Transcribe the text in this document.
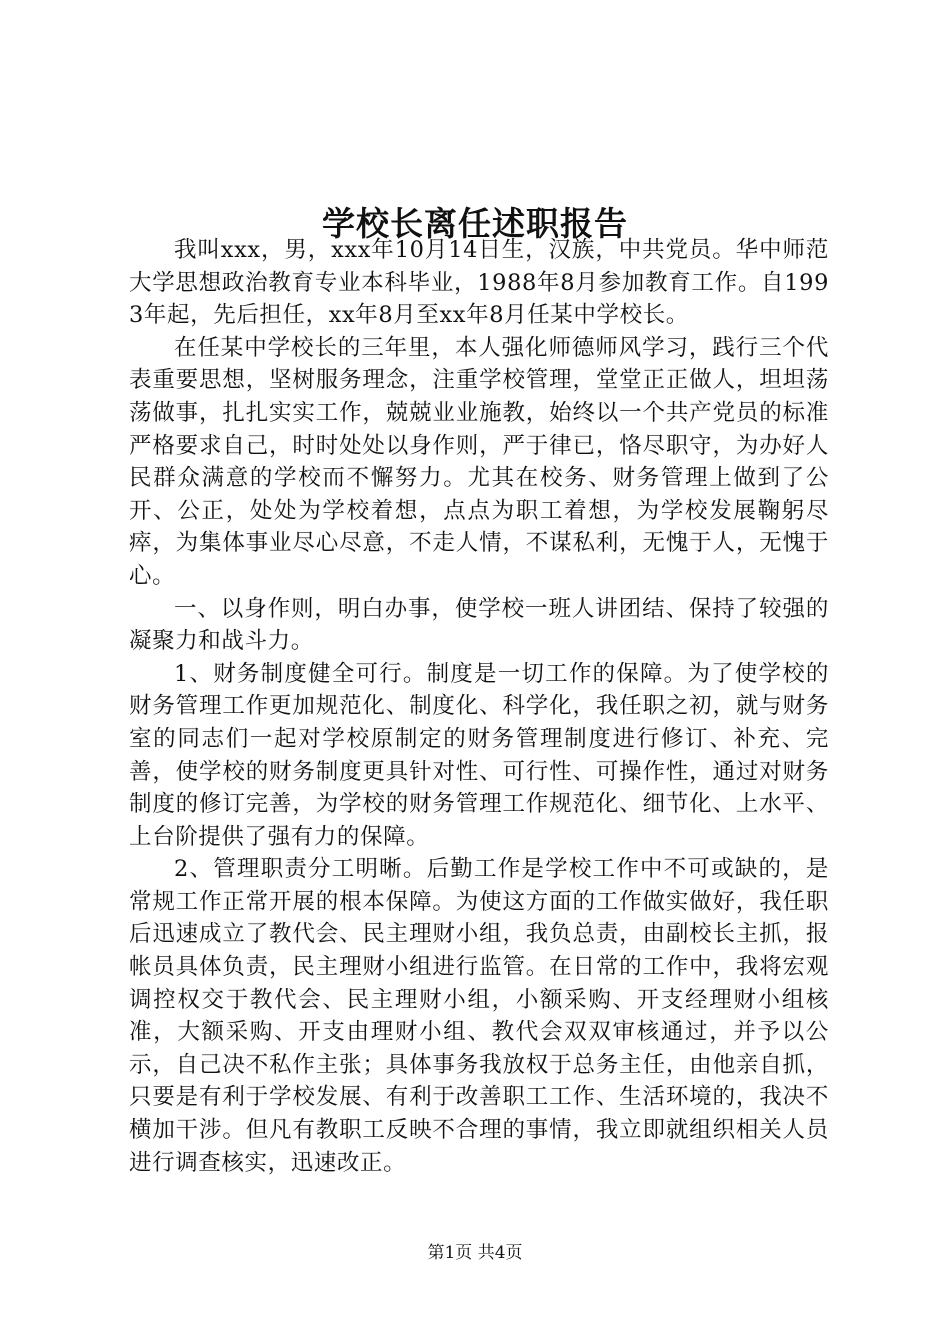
学校长离任述职报告

我叫xxx，男，xxx年10月14日生，汉族，中共党员。华中师范大学思想政治教育专业本科毕业，1988年8月参加教育工作。自1993年起，先后担任，xx年8月至xx年8月任某中学校长。

在任某中学校长的三年里，本人强化师德师风学习，践行三个代表重要思想，坚树服务理念，注重学校管理，堂堂正正做人，坦坦荡荡做事，扎扎实实工作，兢兢业业施教，始终以一个共产党员的标准严格要求自己，时时处处以身作则，严于律已，恪尽职守，为办好人民群众满意的学校而不懈努力。尤其在校务、财务管理上做到了公开、公正，处处为学校着想，点点为职工着想，为学校发展鞠躬尽瘁，为集体事业尽心尽意，不走人情，不谋私利，无愧于人，无愧于心。

一、以身作则，明白办事，使学校一班人讲团结、保持了较强的凝聚力和战斗力。

1、财务制度健全可行。制度是一切工作的保障。为了使学校的财务管理工作更加规范化、制度化、科学化，我任职之初，就与财务室的同志们一起对学校原制定的财务管理制度进行修订、补充、完善，使学校的财务制度更具针对性、可行性、可操作性，通过对财务制度的修订完善，为学校的财务管理工作规范化、细节化、上水平、上台阶提供了强有力的保障。

2、管理职责分工明晰。后勤工作是学校工作中不可或缺的，是常规工作正常开展的根本保障。为使这方面的工作做实做好，我任职后迅速成立了教代会、民主理财小组，我负总责，由副校长主抓，报帐员具体负责，民主理财小组进行监管。在日常的工作中，我将宏观调控权交于教代会、民主理财小组，小额采购、开支经理财小组核准，大额采购、开支由理财小组、教代会双双审核通过，并予以公示，自己决不私作主张；具体事务我放权于总务主任，由他亲自抓，只要是有利于学校发展、有利于改善职工工作、生活环境的，我决不横加干涉。但凡有教职工反映不合理的事情，我立即就组织相关人员进行调查核实，迅速改正。

第1页 共4页
